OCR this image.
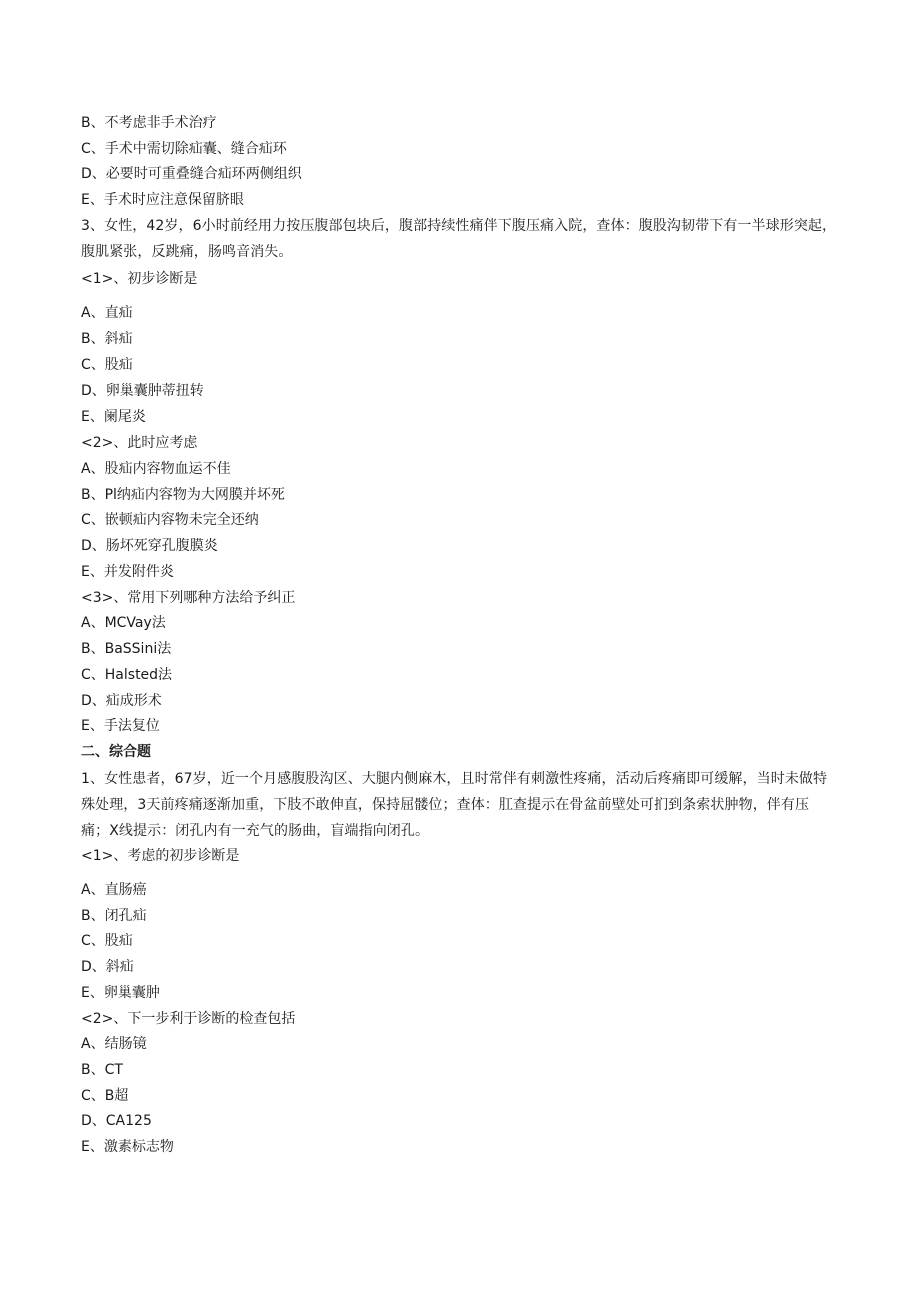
B、不考虑非手术治疗
C、手术中需切除疝囊、缝合疝环
D、必要时可重叠缝合疝环两侧组织
E、手术时应注意保留脐眼
3、女性，42岁，6小时前经用力按压腹部包块后，腹部持续性痛伴下腹压痛入院，查体：腹股沟韧带下有一半球形突起，腹肌紧张，反跳痛，肠鸣音消失。
<1>、初步诊断是
A、直疝
B、斜疝
C、股疝
D、卵巢囊肿蒂扭转
E、阑尾炎
<2>、此时应考虑
A、股疝内容物血运不佳
B、Pl纳疝内容物为大网膜并坏死
C、嵌顿疝内容物未完全还纳
D、肠坏死穿孔腹膜炎
E、并发附件炎
<3>、常用下列哪种方法给予纠正
A、MCVay法
B、BaSSini法
C、Halsted法
D、疝成形术
E、手法复位
二、综合题
1、女性患者，67岁，近一个月感腹股沟区、大腿内侧麻木，且时常伴有刺激性疼痛，活动后疼痛即可缓解，当时未做特殊处理，3天前疼痛逐渐加重，下肢不敢伸直，保持屈髅位；查体：肛查提示在骨盆前壁处可扪到条索状肿物，伴有压痛；X线提示：闭孔内有一充气的肠曲，盲端指向闭孔。
<1>、考虑的初步诊断是
A、直肠癌
B、闭孔疝
C、股疝
D、斜疝
E、卵巢囊肿
<2>、下一步利于诊断的检查包括
A、结肠镜
B、CT
C、B超
D、CA125
E、激素标志物
